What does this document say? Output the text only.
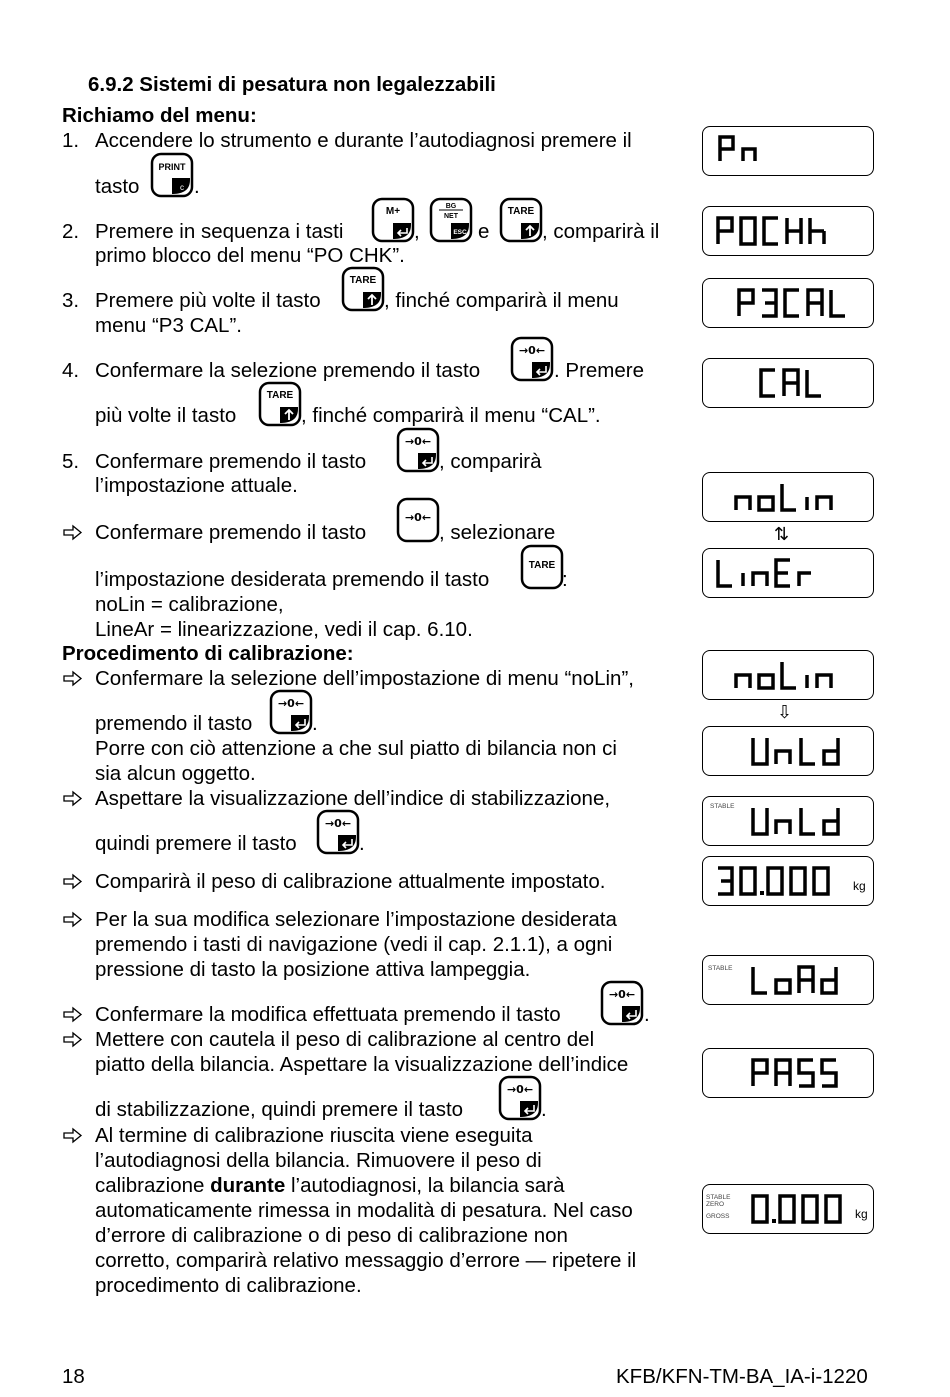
6.9.2 Sistemi di pesatura non legalezzabili
Richiamo del menu:
1. Accendere lo strumento e durante l’autodiagnosi premere il
tasto
PRINT
c .
2. Premere in sequenza i tasti
M+
,
BG
NET
ESC e
TARE
, comparirà il
primo blocco del menu “PO CHK”.
3. Premere più volte il tasto
TARE
, finché comparirà il menu
menu “P3 CAL”.
4. Confermare la selezione premendo il tasto
→0←
. Premere
più volte il tasto
TARE
, finché comparirà il menu “CAL”.
5. Confermare premendo il tasto
→0←
, comparirà
l’impostazione attuale.
Confermare premendo il tasto
→0←
, selezionare
l’impostazione desiderata premendo il tasto
TARE
:
noLin = calibrazione,
LineAr = linearizzazione, vedi il cap. 6.10.
Procedimento di calibrazione:
Confermare la selezione dell’impostazione di menu “noLin”,
premendo il tasto
→0←
.
Porre con ciò attenzione a che sul piatto di bilancia non ci
sia alcun oggetto.
Aspettare la visualizzazione dell’indice di stabilizzazione,
quindi premere il tasto
→0←
.
Comparirà il peso di calibrazione attualmente impostato.
Per la sua modifica selezionare l’impostazione desiderata
premendo i tasti di navigazione (vedi il cap. 2.1.1), a ogni
pressione di tasto la posizione attiva lampeggia.
Confermare la modifica effettuata premendo il tasto
→0←
.
Mettere con cautela il peso di calibrazione al centro del
piatto della bilancia. Aspettare la visualizzazione dell’indice
di stabilizzazione, quindi premere il tasto
→0←
.
Al termine di calibrazione riuscita viene eseguita
l’autodiagnosi della bilancia. Rimuovere il peso di
calibrazione durante l’autodiagnosi, la bilancia sarà
automaticamente rimessa in modalità di pesatura. Nel caso
d’errore di calibrazione o di peso di calibrazione non
corretto, comparirà relativo messaggio d’errore — ripetere il
procedimento di calibrazione.
⇅
⇩
STABLE
kg
STABLE
STABLE
ZERO
GROSS	kg
18	KFB/KFN-TM-BA_IA-i-1220
